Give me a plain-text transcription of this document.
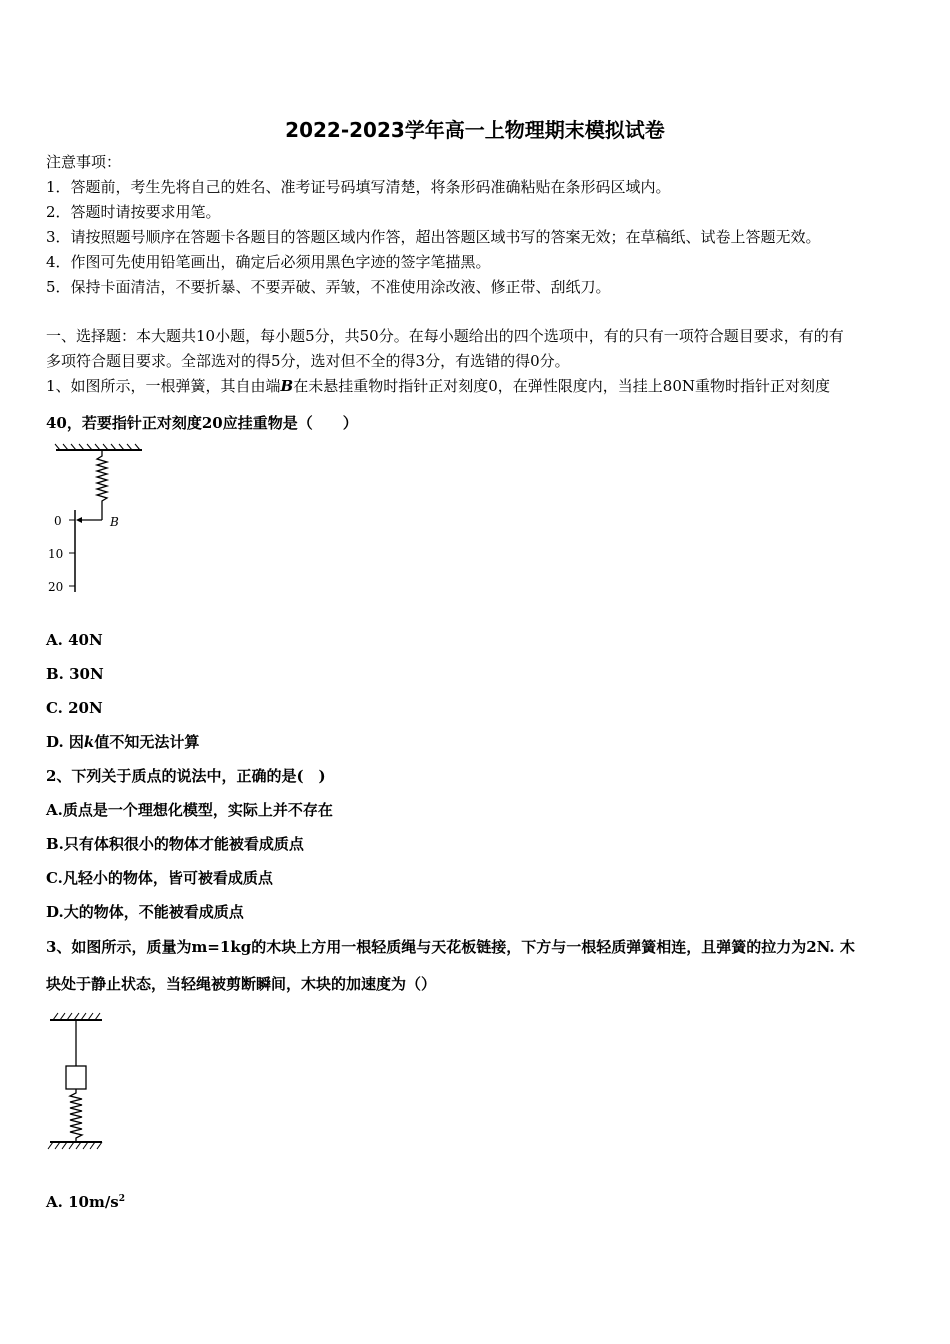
2022-2023学年高一上物理期末模拟试卷
注意事项：
1．答题前，考生先将自己的姓名、准考证号码填写清楚，将条形码准确粘贴在条形码区域内。
2．答题时请按要求用笔。
3．请按照题号顺序在答题卡各题目的答题区域内作答，超出答题区域书写的答案无效；在草稿纸、试卷上答题无效。
4．作图可先使用铅笔画出，确定后必须用黑色字迹的签字笔描黑。
5．保持卡面清洁，不要折暴、不要弄破、弄皱，不准使用涂改液、修正带、刮纸刀。
一、选择题：本大题共10小题，每小题5分，共50分。在每小题给出的四个选项中，有的只有一项符合题目要求，有的有
多项符合题目要求。全部选对的得5分，选对但不全的得3分，有选错的得0分。
1、如图所示，一根弹簧，其自由端B在未悬挂重物时指针正对刻度0，在弹性限度内，当挂上80N重物时指针正对刻度
40，若要指针正对刻度20应挂重物是（　　）
B
0
10
20
A. 40N
B. 30N
C. 20N
D. 因k值不知无法计算
2、下列关于质点的说法中，正确的是(　)
A.质点是一个理想化模型，实际上并不存在
B.只有体积很小的物体才能被看成质点
C.凡轻小的物体，皆可被看成质点
D.大的物体，不能被看成质点
3、如图所示，质量为m=1kg的木块上方用一根轻质绳与天花板链接，下方与一根轻质弹簧相连，且弹簧的拉力为2N. 木
块处于静止状态，当轻绳被剪断瞬间，木块的加速度为（）
A. $10m/s^2$
